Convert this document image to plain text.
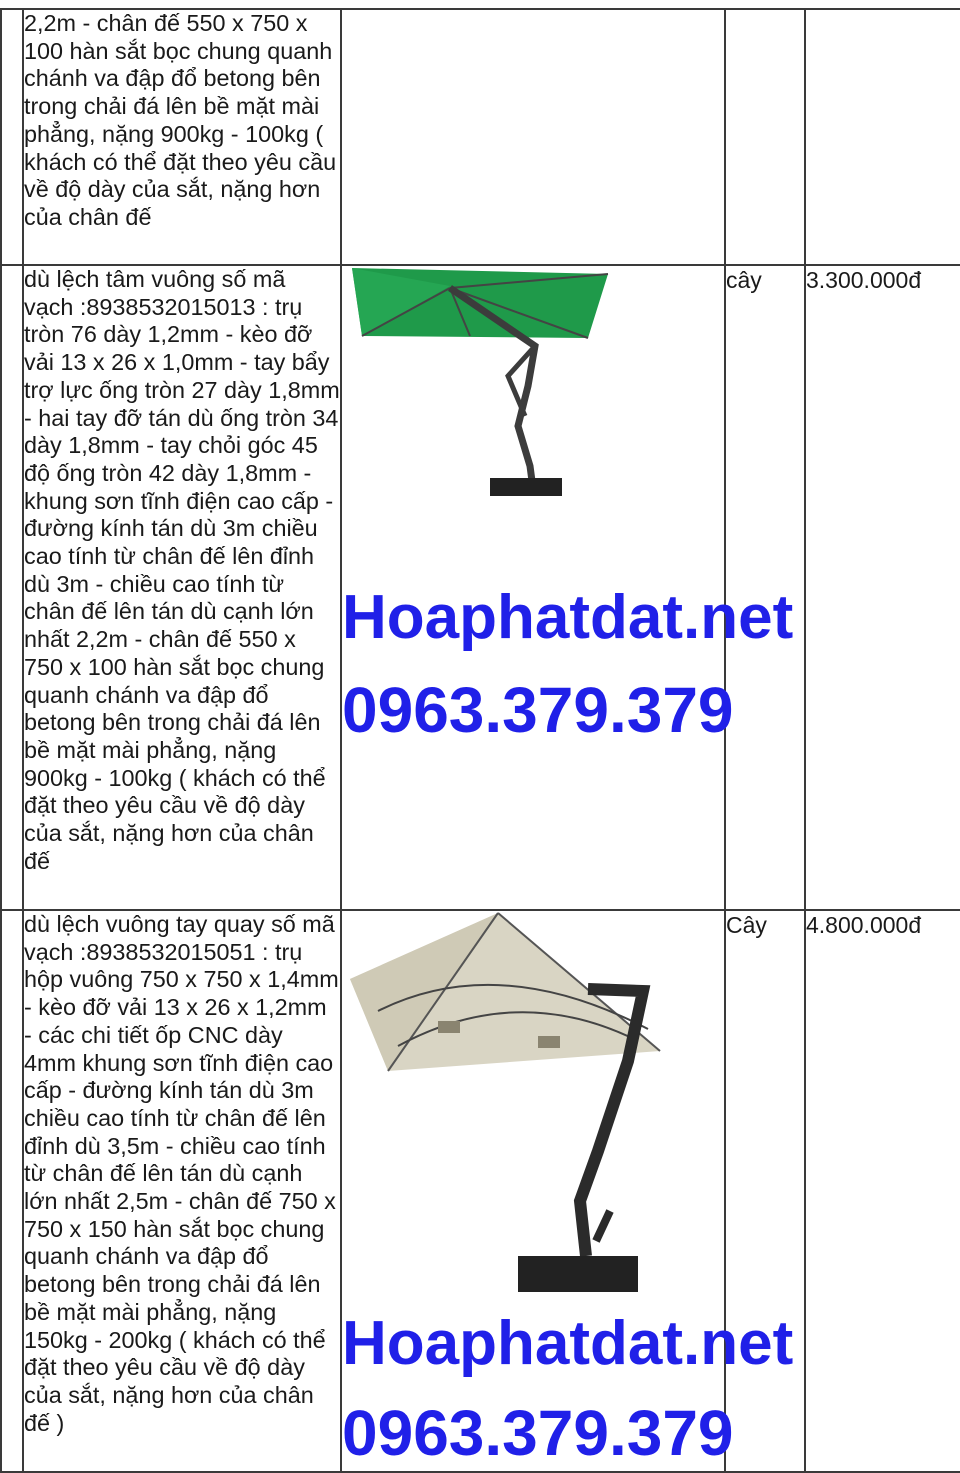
	2,2m - chân đế 550 x 750 x 100 hàn sắt bọc chung quanh chánh va đập đổ betong bên trong chải đá lên bề mặt mài phẳng, nặng 900kg - 100kg ( khách có thể đặt theo yêu cầu về độ dày của sắt, nặng hơn của chân đế			
	dù lệch tâm vuông số mã vạch :8938532015013 : trụ tròn 76 dày 1,2mm - kèo đỡ vải 13 x 26 x 1,0mm - tay bẩy trợ lực ống tròn 27 dày 1,8mm - hai tay đỡ tán dù ống tròn 34 dày 1,8mm - tay chỏi góc 45 độ ống tròn 42 dày 1,8mm - khung sơn tĩnh điện cao cấp - đường kính tán dù 3m chiều cao tính từ chân đế lên đỉnh dù 3m - chiều cao tính từ chân đế lên tán dù cạnh lớn nhất 2,2m - chân đế 550 x 750 x 100 hàn sắt bọc chung quanh chánh va đập đổ betong bên trong chải đá lên bề mặt mài phẳng, nặng 900kg - 100kg ( khách có thể đặt theo yêu cầu về độ dày của sắt, nặng hơn của chân đế	Hoaphatdat.net
0963.379.379	cây	3.300.000đ
	dù lệch vuông tay quay số mã vạch :8938532015051 : trụ hộp vuông 750 x 750 x 1,4mm - kèo đỡ vải 13 x 26 x 1,2mm - các chi tiết ốp CNC dày 4mm khung sơn tĩnh điện cao cấp - đường kính tán dù 3m chiều cao tính từ chân đế lên đỉnh dù 3,5m - chiều cao tính từ chân đế lên tán dù cạnh lớn nhất 2,5m - chân đế 750 x 750 x 150 hàn sắt bọc chung quanh chánh va đập đổ betong bên trong chải đá lên bề mặt mài phẳng, nặng 150kg - 200kg ( khách có thể đặt theo yêu cầu về độ dày của sắt, nặng hơn của chân đế )	Hoaphatdat.net
0963.379.379	Cây	4.800.000đ
